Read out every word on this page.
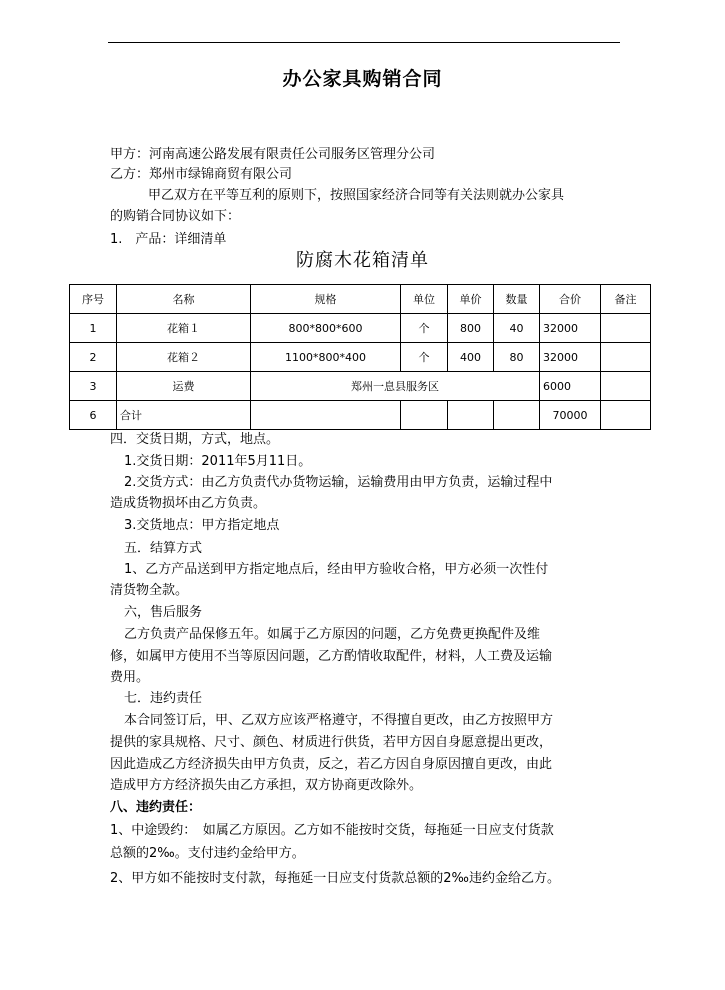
办公家具购销合同
甲方：河南高速公路发展有限责任公司服务区管理分公司
乙方：郑州市绿锦商贸有限公司
甲乙双方在平等互利的原则下，按照国家经济合同等有关法则就办公家具
的购销合同协议如下：
1.　产品：详细清单
防腐木花箱清单
序号	名称	规格	单位	单价	数量	合价	备注
1	花箱１	800*800*600	个	800	40	32000	
2	花箱２	1100*800*400	个	400	80	32000	
3	运费	郑州一息县服务区				6000	
6	合计					70000	
四．交货日期，方式，地点。
1.交货日期：2011年5月11日。
2.交货方式：由乙方负责代办货物运输，运输费用由甲方负责，运输过程中
造成货物损坏由乙方负责。
3.交货地点：甲方指定地点
五．结算方式
1、乙方产品送到甲方指定地点后，经由甲方验收合格，甲方必须一次性付
清货物全款。
六，售后服务
乙方负责产品保修五年。如属于乙方原因的问题，乙方免费更换配件及维
修，如属甲方使用不当等原因问题，乙方酌情收取配件，材料，人工费及运输
费用。
七．违约责任
本合同签订后，甲、乙双方应该严格遵守，不得擅自更改，由乙方按照甲方
提供的家具规格、尺寸、颜色、材质进行供货，若甲方因自身愿意提出更改，
因此造成乙方经济损失由甲方负责，反之，若乙方因自身原因擅自更改，由此
造成甲方方经济损失由乙方承担，双方协商更改除外。
八、违约责任：
1、中途毁约：　如属乙方原因。乙方如不能按时交货，每拖延一日应支付货款
总额的2‰。支付违约金给甲方。
2、甲方如不能按时支付款，每拖延一日应支付货款总额的2‰违约金给乙方。
